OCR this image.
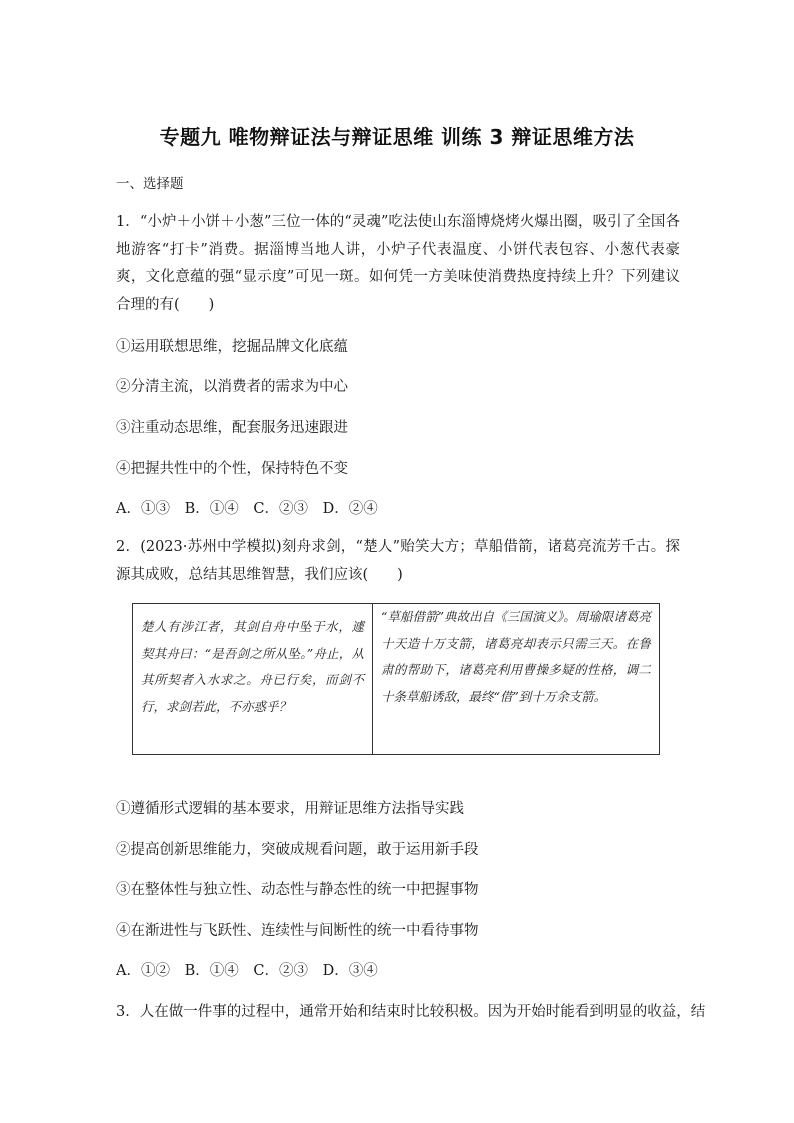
专题九 唯物辩证法与辩证思维 训练 3 辩证思维方法
一、选择题
1．“小炉＋小饼＋小葱”三位一体的“灵魂”吃法使山东淄博烧烤火爆出圈，吸引了全国各地游客“打卡”消费。据淄博当地人讲，小炉子代表温度、小饼代表包容、小葱代表豪爽，文化意蕴的强“显示度”可见一斑。如何凭一方美味使消费热度持续上升？下列建议合理的有(　　)
①运用联想思维，挖掘品牌文化底蕴
②分清主流，以消费者的需求为中心
③注重动态思维，配套服务迅速跟进
④把握共性中的个性，保持特色不变
A．①③ B．①④ C．②③ D．②④
2．(2023·苏州中学模拟)刻舟求剑，“楚人”贻笑大方；草船借箭，诸葛亮流芳千古。探源其成败，总结其思维智慧，我们应该(　　)
楚人有涉江者，其剑自舟中坠于水，遽契其舟曰：“是吾剑之所从坠。”舟止，从其所契者入水求之。舟已行矣，而剑不行，求剑若此，不亦惑乎？
“草船借箭”典故出自《三国演义》。周瑜限诸葛亮十天造十万支箭，诸葛亮却表示只需三天。在鲁肃的帮助下，诸葛亮利用曹操多疑的性格，调二十条草船诱敌，最终“借”到十万余支箭。
①遵循形式逻辑的基本要求，用辩证思维方法指导实践
②提高创新思维能力，突破成规看问题，敢于运用新手段
③在整体性与独立性、动态性与静态性的统一中把握事物
④在渐进性与飞跃性、连续性与间断性的统一中看待事物
A．①② B．①④ C．②③ D．③④
3．人在做一件事的过程中，通常开始和结束时比较积极。因为开始时能看到明显的收益，结
